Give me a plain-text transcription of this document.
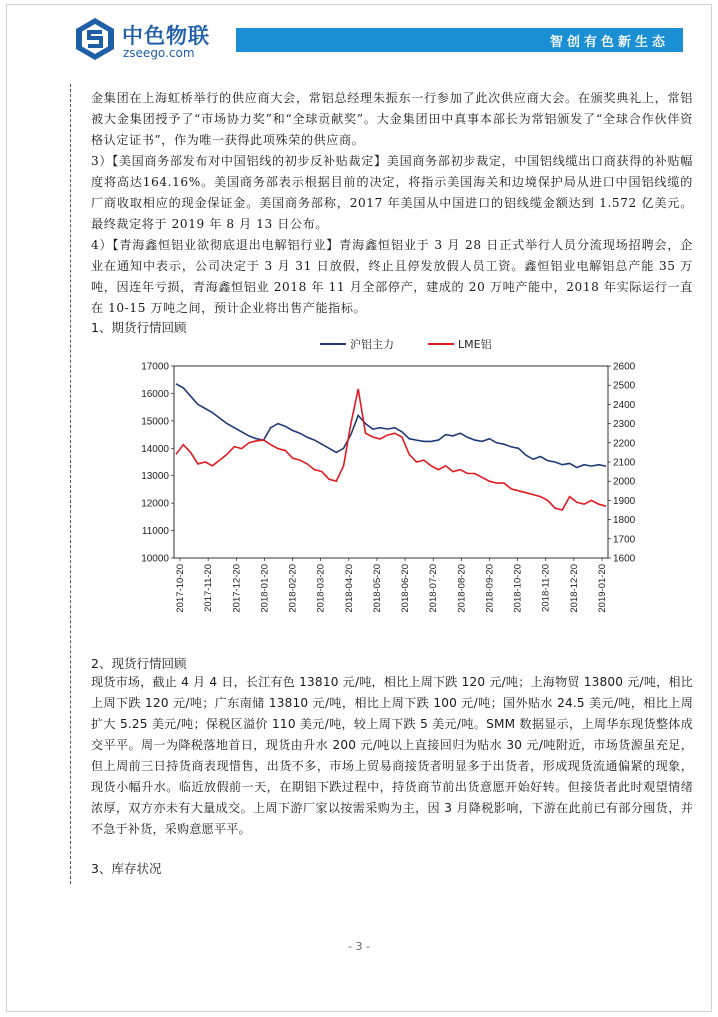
中色物联
zseego.com
智创有色新生态

金集团在上海虹桥举行的供应商大会，常铝总经理朱振东一行参加了此次供应商大会。在颁奖典礼上，常铝被大金集团授予了“市场协力奖”和“全球贡献奖”。大金集团田中真事本部长为常铝颁发了“全球合作伙伴资格认定证书”，作为唯一获得此项殊荣的供应商。

3）【美国商务部发布对中国铝线的初步反补贴裁定】美国商务部初步裁定，中国铝线缆出口商获得的补贴幅度将高达164.16%。美国商务部表示根据目前的决定，将指示美国海关和边境保护局从进口中国铝线缆的厂商收取相应的现金保证金。美国商务部称，2017 年美国从中国进口的铝线缆金额达到 1.572 亿美元。最终裁定将于 2019 年 8 月 13 日公布。

4）【青海鑫恒铝业欲彻底退出电解铝行业】青海鑫恒铝业于 3 月 28 日正式举行人员分流现场招聘会，企业在通知中表示，公司决定于 3 月 31 日放假，终止且停发放假人员工资。鑫恒铝业电解铝总产能 35 万吨，因连年亏损，青海鑫恒铝业 2018 年 11 月全部停产，建成的 20 万吨产能中，2018 年实际运行一直在 10-15 万吨之间，预计企业将出售产能指标。

1、期货行情回顾
10000
11000
12000
13000
14000
15000
16000
17000
1600
1700
1800
1900
2000
2100
2200
2300
2400
2500
2600
2017-10-20 2017-11-20 2017-12-20 2018-01-20 2018-02-20 2018-03-20 2018-04-20 2018-05-20 2018-06-20 2018-07-20 2018-08-20 2018-09-20 2018-10-20 2018-11-20 2018-12-20 2019-01-20
沪铝主力	LME铝
2、现货行情回顾

现货市场，截止 4 月 4 日，长江有色 13810 元/吨，相比上周下跌 120 元/吨；上海物贸 13800 元/吨，相比上周下跌 120 元/吨；广东南储 13810 元/吨，相比上周下跌 100 元/吨；国外贴水 24.5 美元/吨，相比上周扩大 5.25 美元/吨；保税区溢价 110 美元/吨，较上周下跌 5 美元/吨。SMM 数据显示，上周华东现货整体成交平平。周一为降税落地首日，现货由升水 200 元/吨以上直接回归为贴水 30 元/吨附近，市场货源虽充足，但上周前三日持货商表现惜售，出货不多，市场上贸易商接货者明显多于出货者，形成现货流通偏紧的现象，现货小幅升水。临近放假前一天，在期铝下跌过程中，持货商节前出货意愿开始好转。但接货者此时观望情绪浓厚，双方亦未有大量成交。上周下游厂家以按需采购为主，因 3 月降税影响，下游在此前已有部分囤货，并不急于补货，采购意愿平平。

3、库存状况
- 3 -
